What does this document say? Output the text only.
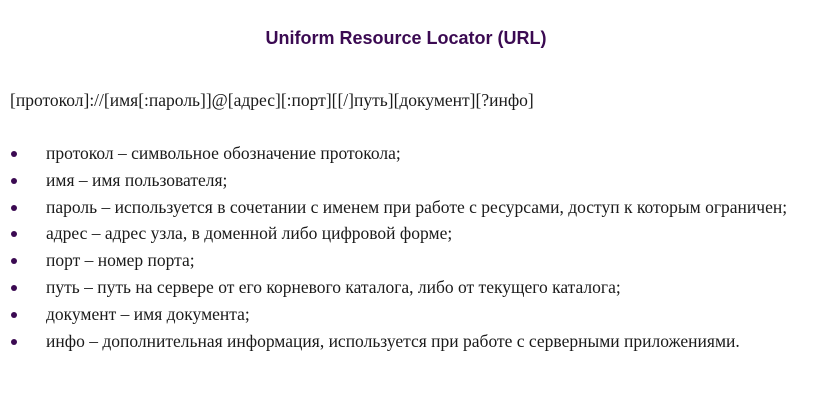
Uniform Resource Locator (URL)
[протокол]://[имя[:пароль]]@[адрес][:порт][[/]путь][документ][?инфо]
протокол – символьное обозначение протокола;
имя – имя пользователя;
пароль – используется в сочетании с именем при работе с ресурсами, доступ к которым ограничен;
адрес – адрес узла, в доменной либо цифровой форме;
порт – номер порта;
путь – путь на сервере от его корневого каталога, либо от текущего каталога;
документ – имя документа;
инфо – дополнительная информация, используется при работе с серверными приложениями.
